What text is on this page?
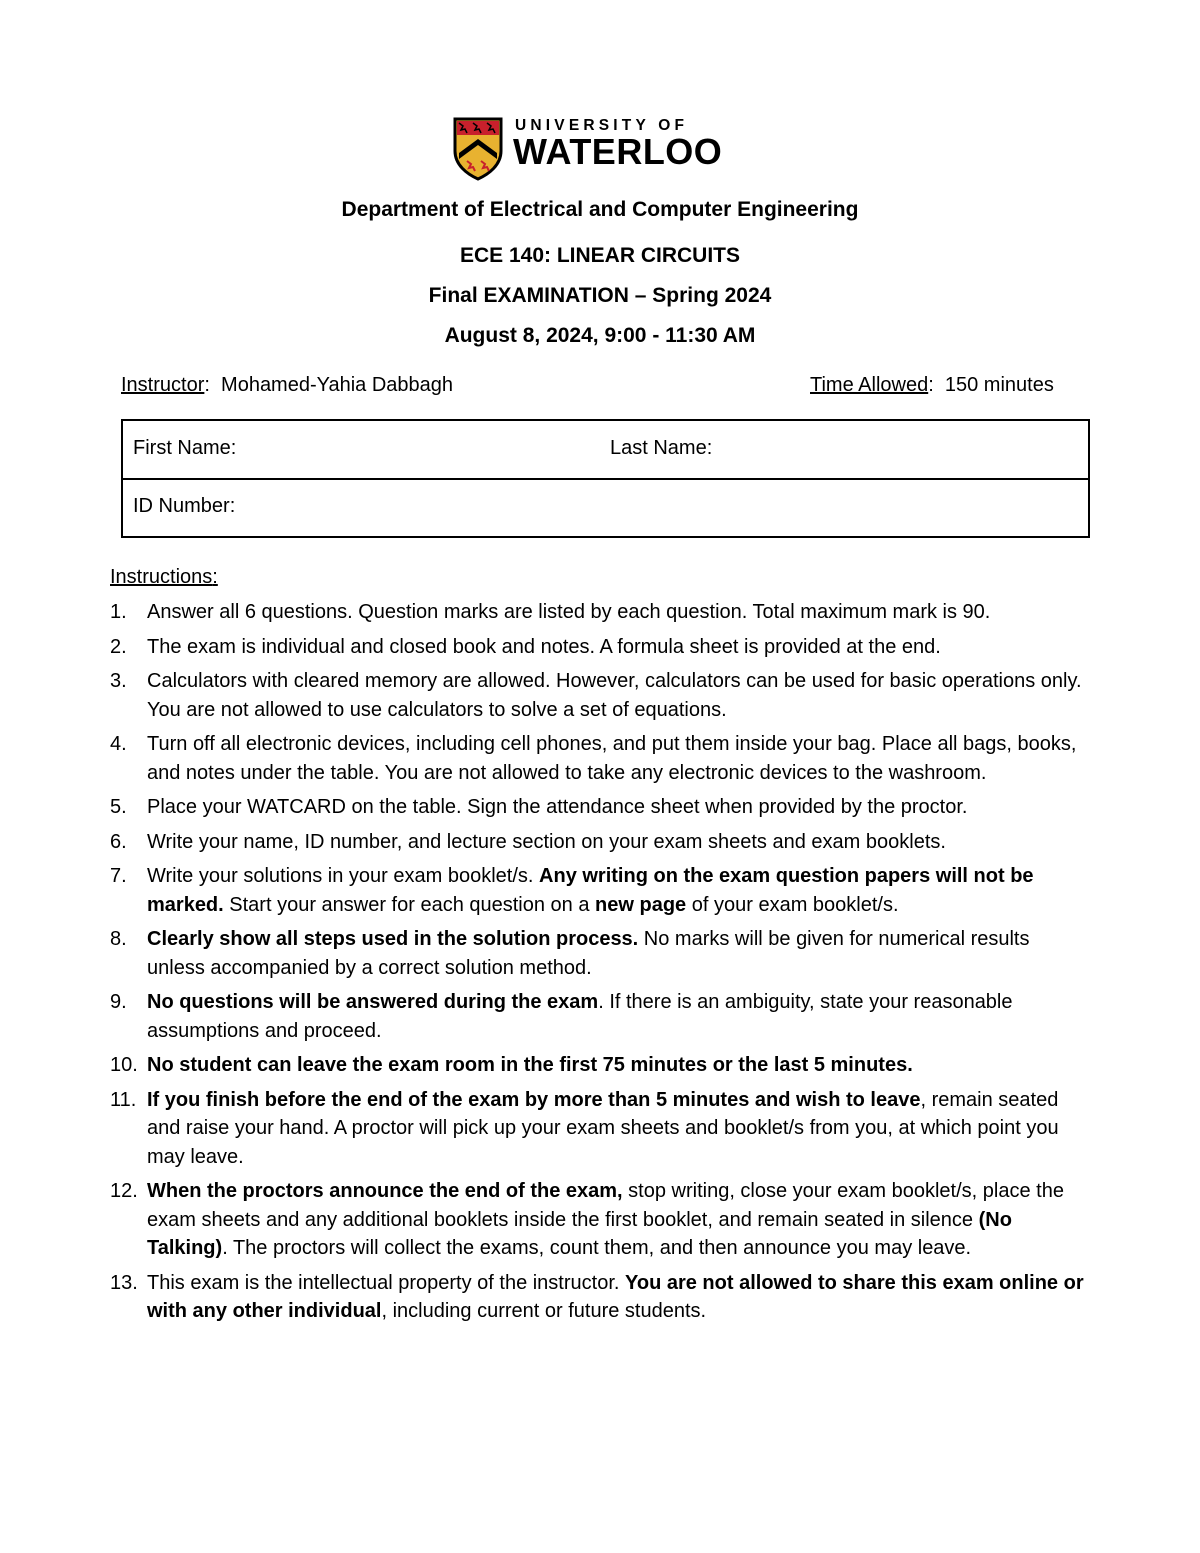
UNIVERSITY OF
WATERLOO
Department of Electrical and Computer Engineering
ECE 140: LINEAR CIRCUITS
Final EXAMINATION – Spring 2024
August 8, 2024, 9:00 - 11:30 AM
Instructor:  Mohamed-Yahia Dabbagh	Time Allowed:  150 minutes
First Name:	Last Name:
ID Number:
Instructions:
1. Answer all 6 questions. Question marks are listed by each question. Total maximum mark is 90.
2. The exam is individual and closed book and notes. A formula sheet is provided at the end.
3. Calculators with cleared memory are allowed. However, calculators can be used for basic operations only. You are not allowed to use calculators to solve a set of equations.
4. Turn off all electronic devices, including cell phones, and put them inside your bag. Place all bags, books, and notes under the table. You are not allowed to take any electronic devices to the washroom.
5. Place your WATCARD on the table. Sign the attendance sheet when provided by the proctor.
6. Write your name, ID number, and lecture section on your exam sheets and exam booklets.
7. Write your solutions in your exam booklet/s. Any writing on the exam question papers will not be marked. Start your answer for each question on a new page of your exam booklet/s.
8. Clearly show all steps used in the solution process. No marks will be given for numerical results unless accompanied by a correct solution method.
9. No questions will be answered during the exam. If there is an ambiguity, state your reasonable assumptions and proceed.
10. No student can leave the exam room in the first 75 minutes or the last 5 minutes.
11. If you finish before the end of the exam by more than 5 minutes and wish to leave, remain seated and raise your hand. A proctor will pick up your exam sheets and booklet/s from you, at which point you may leave.
12. When the proctors announce the end of the exam, stop writing, close your exam booklet/s, place the exam sheets and any additional booklets inside the first booklet, and remain seated in silence (No Talking). The proctors will collect the exams, count them, and then announce you may leave.
13. This exam is the intellectual property of the instructor. You are not allowed to share this exam online or with any other individual, including current or future students.
